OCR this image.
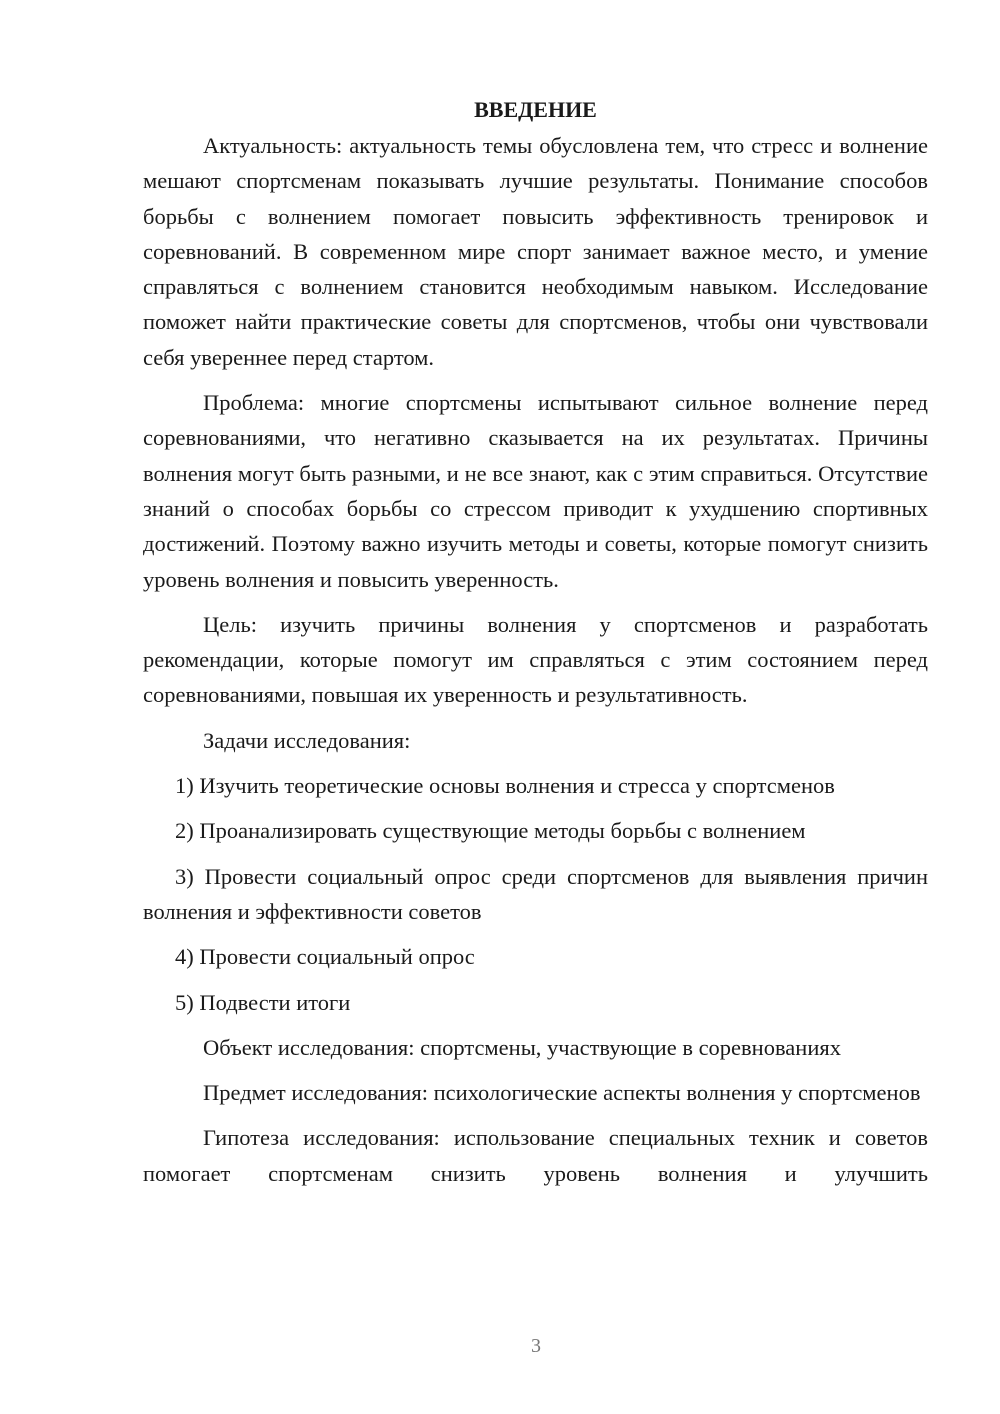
ВВЕДЕНИЕ

Актуальность: актуальность темы обусловлена тем, что стресс и волнение мешают спортсменам показывать лучшие результаты. Понимание способов борьбы с волнением помогает повысить эффективность тренировок и соревнований. В современном мире спорт занимает важное место, и умение справляться с волнением становится необходимым навыком. Исследование поможет найти практические советы для спортсменов, чтобы они чувствовали себя увереннее перед стартом.

Проблема: многие спортсмены испытывают сильное волнение перед соревнованиями, что негативно сказывается на их результатах. Причины волнения могут быть разными, и не все знают, как с этим справиться. Отсутствие знаний о способах борьбы со стрессом приводит к ухудшению спортивных достижений. Поэтому важно изучить методы и советы, которые помогут снизить уровень волнения и повысить уверенность.

Цель: изучить причины волнения у спортсменов и разработать рекомендации, которые помогут им справляться с этим состоянием перед соревнованиями, повышая их уверенность и результативность.

Задачи исследования:

1) Изучить теоретические основы волнения и стресса у спортсменов

2) Проанализировать существующие методы борьбы с волнением

3) Провести социальный опрос среди спортсменов для выявления причин волнения и эффективности советов

4) Провести социальный опрос

5) Подвести итоги

Объект исследования: спортсмены, участвующие в соревнованиях

Предмет исследования: психологические аспекты волнения у спортсменов

Гипотеза исследования: использование специальных техник и советов помогает спортсменам снизить уровень волнения и улучшить

3
